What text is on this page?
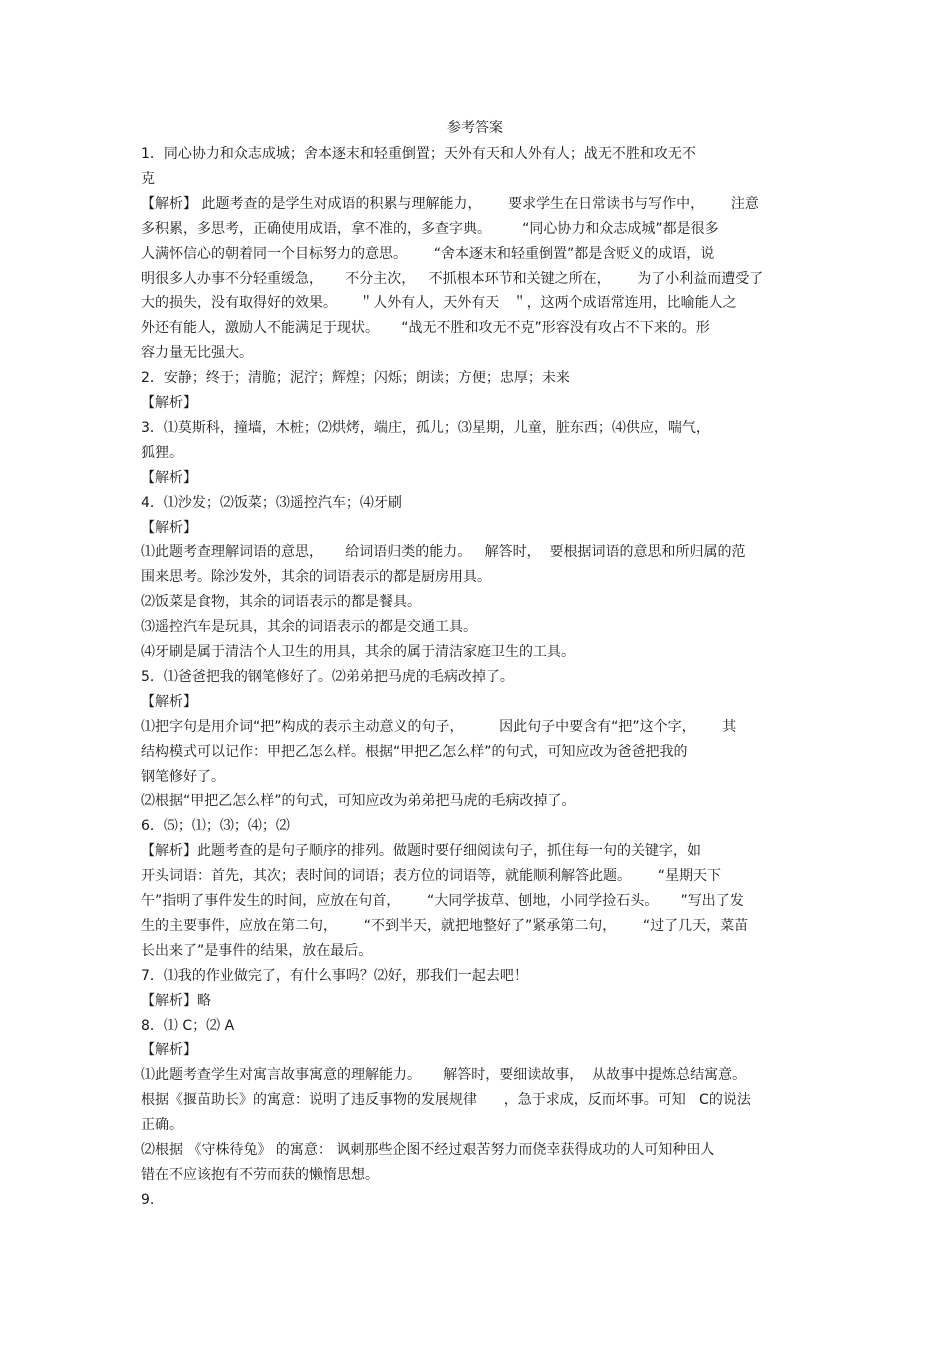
参考答案
1．同心协力和众志成城；舍本逐末和轻重倒置；天外有天和人外有人；战无不胜和攻无不
克
【解析】 此题考查的是学生对成语的积累与理解能力，      要求学生在日常读书与写作中，      注意
多积累，多思考，正确使用成语，拿不准的，多查字典。       “同心协力和众志成城”都是很多
人满怀信心的朝着同一个目标努力的意思。      “舍本逐末和轻重倒置”都是含贬义的成语，说
明很多人办事不分轻重缓急，     不分主次，   不抓根本环节和关键之所在，      为了小利益而遭受了
大的损失，没有取得好的效果。     ＂人外有人，天外有天   ＂，这两个成语常连用，比喻能人之
外还有能人，激励人不能满足于现状。     “战无不胜和攻无不克”形容没有攻占不下来的。形
容力量无比强大。
2．安静；终于；清脆；泥泞；辉煌；闪烁；朗读；方便；忠厚；未来
【解析】
3．⑴莫斯科，撞墙，木桩；⑵烘烤，端庄，孤儿；⑶星期，儿童，脏东西；⑷供应，喘气，
狐狸。
【解析】
4．⑴沙发；⑵饭菜；⑶遥控汽车；⑷牙刷
【解析】
⑴此题考查理解词语的意思，     给词语归类的能力。   解答时，  要根据词语的意思和所归属的范
围来思考。除沙发外，其余的词语表示的都是厨房用具。
⑵饭菜是食物，其余的词语表示的都是餐具。
⑶遥控汽车是玩具，其余的词语表示的都是交通工具。
⑷牙刷是属于清洁个人卫生的用具，其余的属于清洁家庭卫生的工具。
5．⑴爸爸把我的钢笔修好了。⑵弟弟把马虎的毛病改掉了。
【解析】
⑴把字句是用介词“把”构成的表示主动意义的句子，        因此句子中要含有“把”这个字，      其
结构模式可以记作：甲把乙怎么样。根据“甲把乙怎么样”的句式，可知应改为爸爸把我的
钢笔修好了。
⑵根据“甲把乙怎么样”的句式，可知应改为弟弟把马虎的毛病改掉了。
6．⑸；⑴；⑶；⑷；⑵
【解析】此题考查的是句子顺序的排列。做题时要仔细阅读句子，抓住每一句的关键字，如
开头词语：首先，其次；表时间的词语；表方位的词语等，就能顺利解答此题。      “星期天下
午”指明了事件发生的时间，应放在句首，      “大同学拔草、刨地，小同学捡石头。     ”写出了发
生的主要事件，应放在第二句，      “不到半天，就把地整好了”紧承第二句，      “过了几天，菜苗
长出来了”是事件的结果，放在最后。
7．⑴我的作业做完了，有什么事吗？⑵好，那我们一起去吧！
【解析】略
8．⑴ C；⑵ A
【解析】
⑴此题考查学生对寓言故事寓意的理解能力。     解答时，要细读故事，  从故事中提炼总结寓意。
根据《揠苗助长》的寓意：说明了违反事物的发展规律      ，急于求成，反而坏事。可知   C的说法
正确。
⑵根据 《守株待兔》 的寓意： 讽刺那些企图不经过艰苦努力而侥幸获得成功的人可知种田人
错在不应该抱有不劳而获的懒惰思想。
9.
